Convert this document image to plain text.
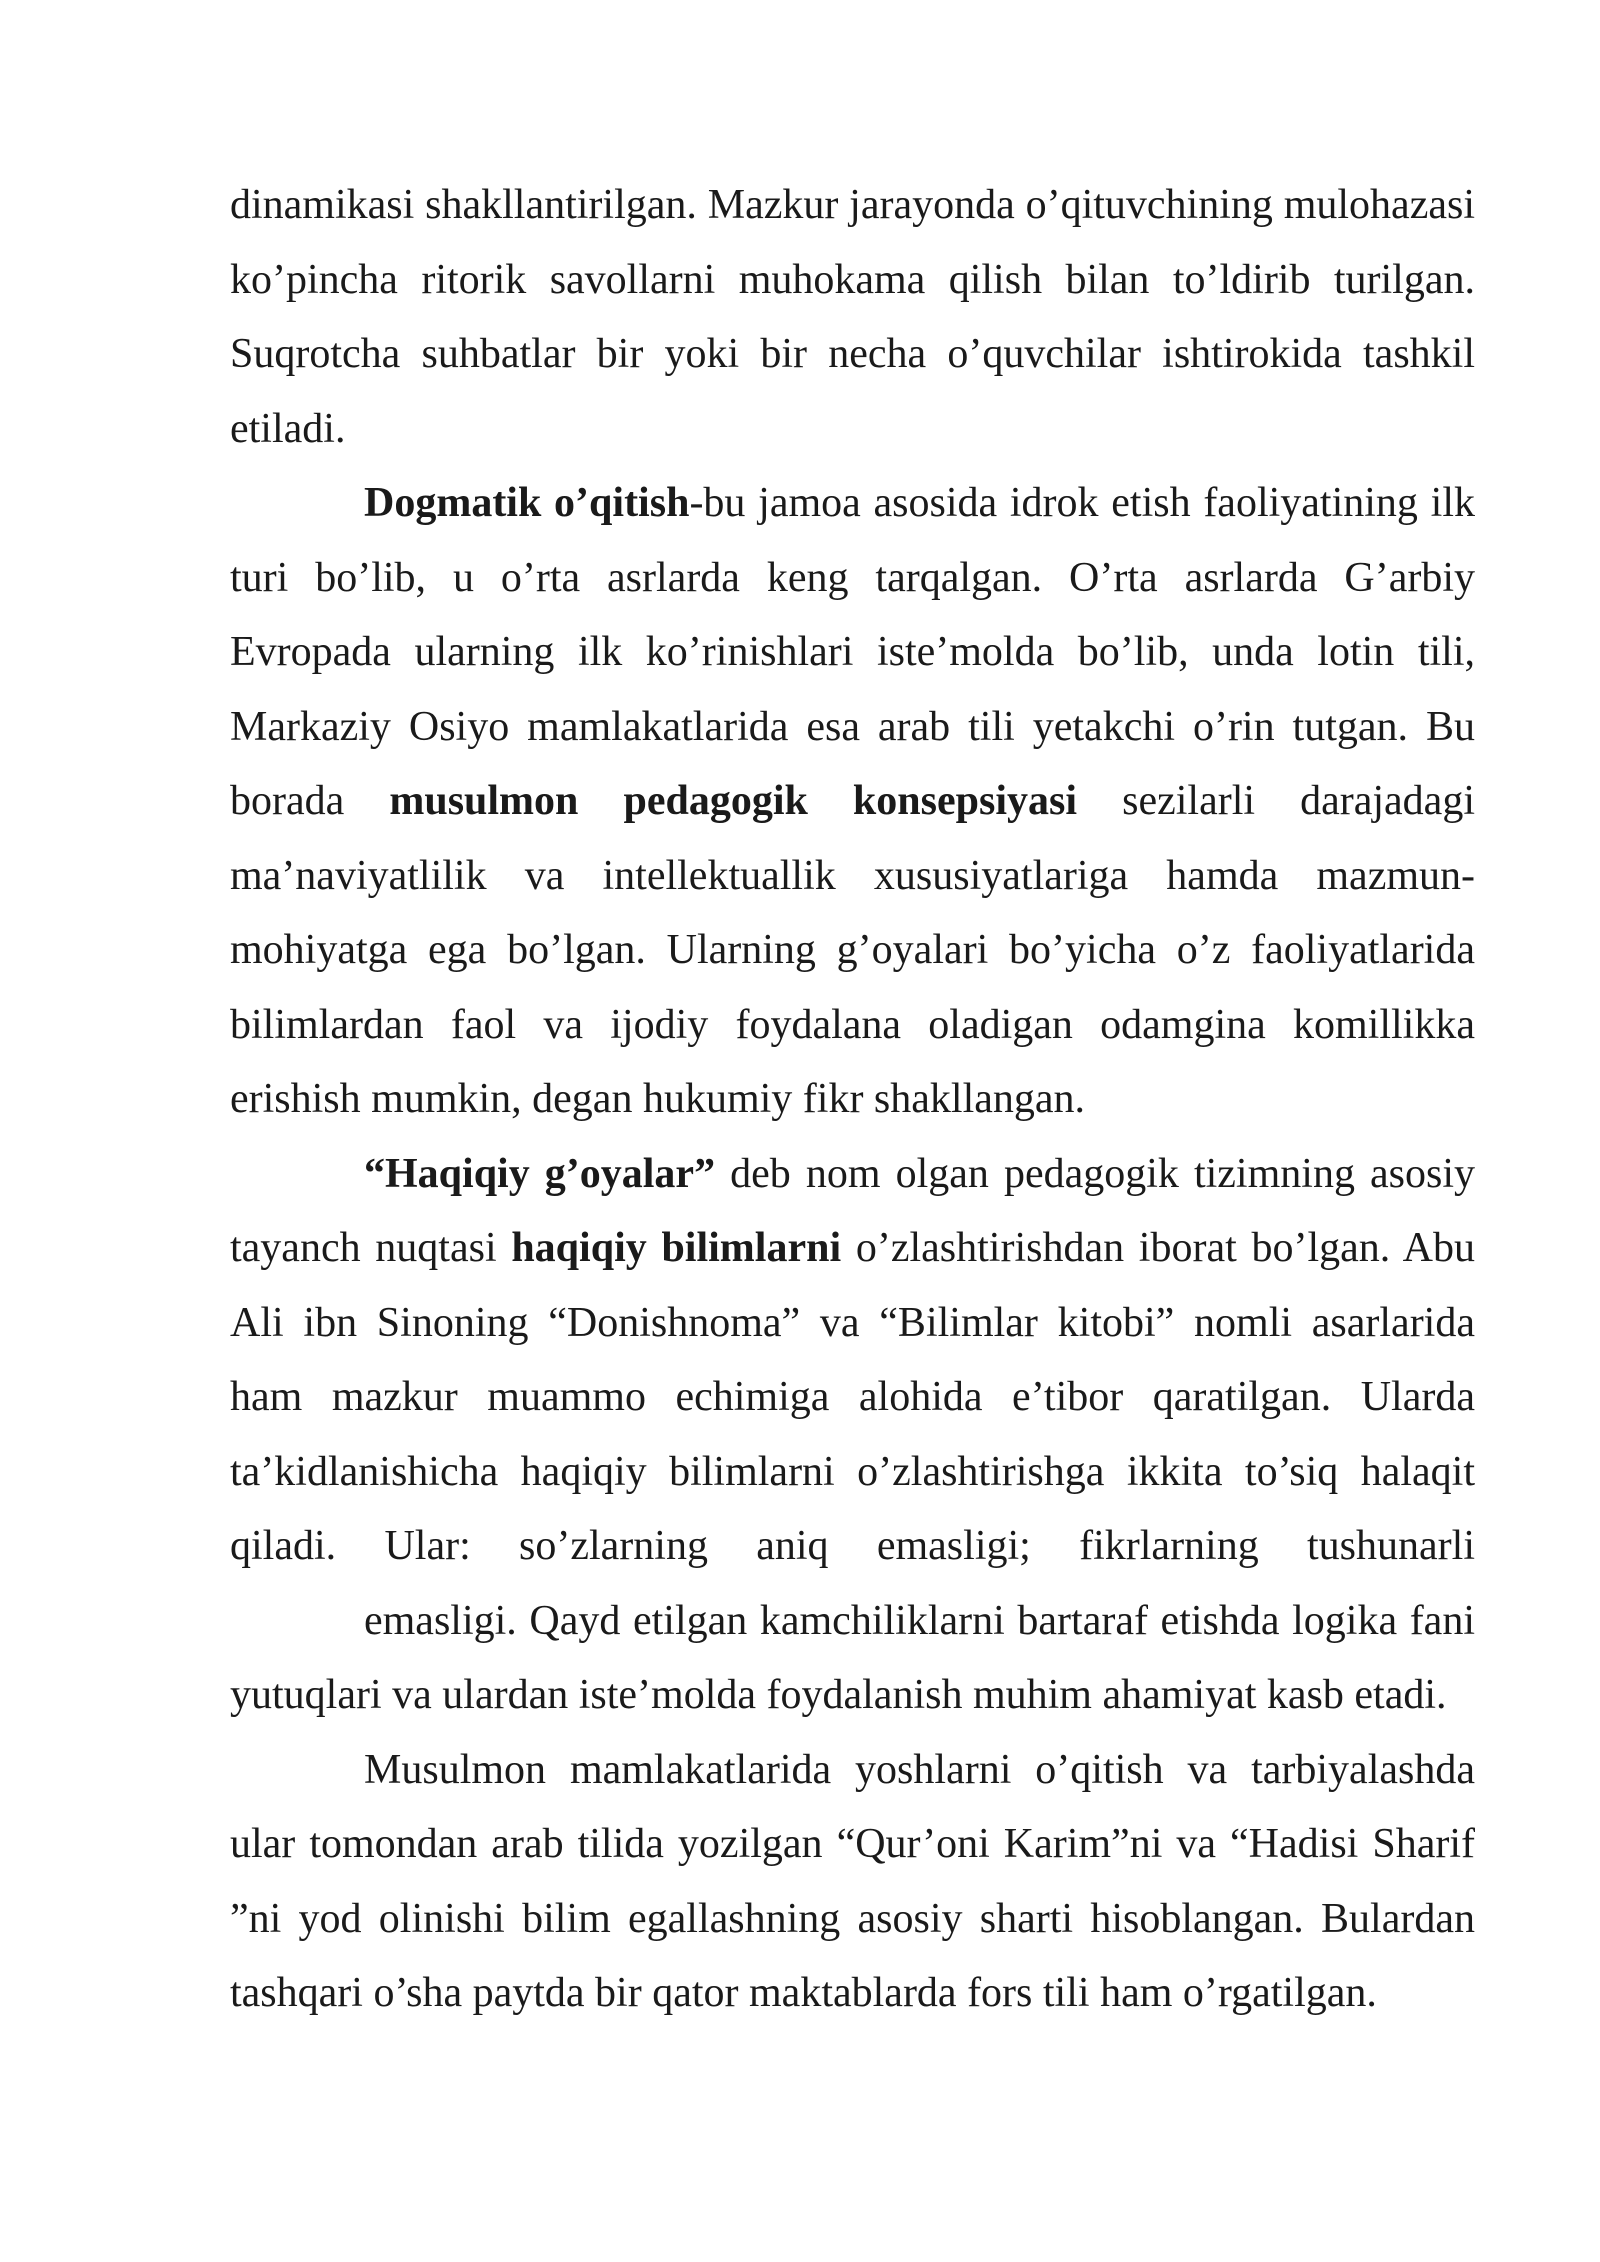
dinamikasi shakllantirilgan. Mazkur jarayonda o’qituvchining mulohazasi ko’pincha ritorik savollarni muhokama qilish bilan to’ldirib turilgan. Suqrotcha suhbatlar bir yoki bir necha o’quvchilar ishtirokida tashkil etiladi.

Dogmatik o’qitish-bu jamoa asosida idrok etish faoliyatining ilk turi bo’lib, u o’rta asrlarda keng tarqalgan. O’rta asrlarda G’arbiy Evropada ularning ilk ko’rinishlari iste’molda bo’lib, unda lotin tili, Markaziy Osiyo mamlakatlarida esa arab tili yetakchi o’rin tutgan. Bu borada musulmon pedagogik konsepsiyasi sezilarli darajadagi ma’naviyatlilik va intellektuallik xususiyatlariga hamda mazmun-mohiyatga ega bo’lgan. Ularning g’oyalari bo’yicha o’z faoliyatlarida bilimlardan faol va ijodiy foydalana oladigan odamgina komillikka erishish mumkin, degan hukumiy fikr shakllangan.

“Haqiqiy g’oyalar” deb nom olgan pedagogik tizimning asosiy tayanch nuqtasi haqiqiy bilimlarni o’zlashtirishdan iborat bo’lgan. Abu Ali ibn Sinoning “Donishnoma” va “Bilimlar kitobi” nomli asarlarida ham mazkur muammo echimiga alohida e’tibor qaratilgan. Ularda ta’kidlanishicha haqiqiy bilimlarni o’zlashtirishga ikkita to’siq halaqit qiladi. Ular: so’zlarning aniq emasligi; fikrlarning tushunarli

emasligi. Qayd etilgan kamchiliklarni bartaraf etishda logika fani yutuqlari va ulardan iste’molda foydalanish muhim ahamiyat kasb etadi.

Musulmon mamlakatlarida yoshlarni o’qitish va tarbiyalashda ular tomondan arab tilida yozilgan “Qur’oni Karim”ni va “Hadisi Sharif ”ni yod olinishi bilim egallashning asosiy sharti hisoblangan. Bulardan tashqari o’sha paytda bir qator maktablarda fors tili ham o’rgatilgan.
